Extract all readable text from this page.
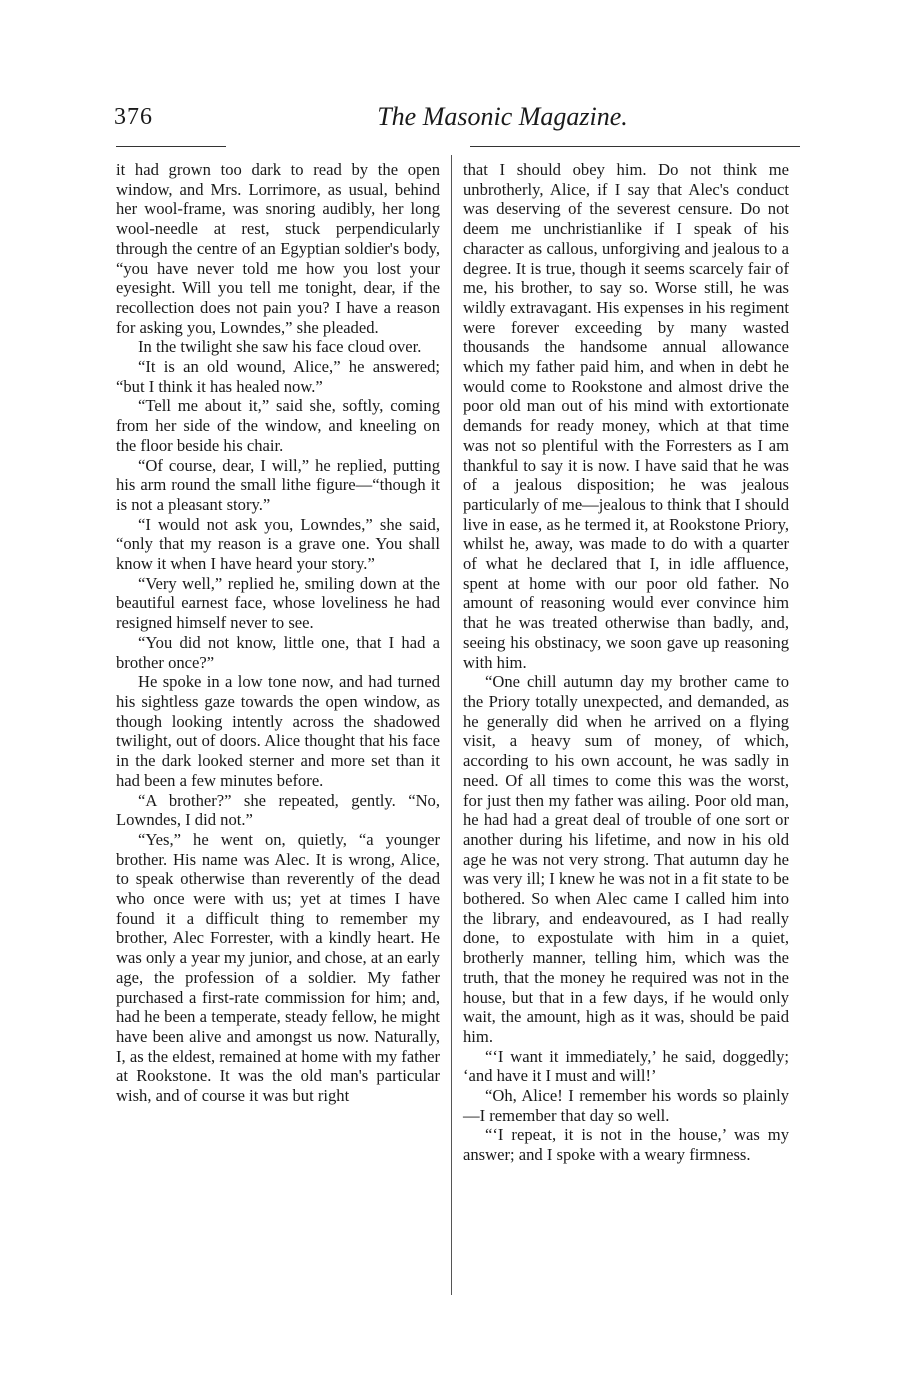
376	The Masonic Magazine.

it had grown too dark to read by the open window, and Mrs. Lorrimore, as usual, behind her wool-frame, was snoring audibly, her long wool-needle at rest, stuck perpendicularly through the centre of an Egyptian soldier's body, “you have never told me how you lost your eyesight. Will you tell me tonight, dear, if the recollection does not pain you? I have a reason for asking you, Lowndes,” she pleaded.

In the twilight she saw his face cloud over.

“It is an old wound, Alice,” he answered; “but I think it has healed now.”

“Tell me about it,” said she, softly, coming from her side of the window, and kneeling on the floor beside his chair.

“Of course, dear, I will,” he replied, putting his arm round the small lithe figure—“though it is not a pleasant story.”

“I would not ask you, Lowndes,” she said, “only that my reason is a grave one. You shall know it when I have heard your story.”

“Very well,” replied he, smiling down at the beautiful earnest face, whose loveliness he had resigned himself never to see.

“You did not know, little one, that I had a brother once?”

He spoke in a low tone now, and had turned his sightless gaze towards the open window, as though looking intently across the shadowed twilight, out of doors. Alice thought that his face in the dark looked sterner and more set than it had been a few minutes before.

“A brother?” she repeated, gently. “No, Lowndes, I did not.”

“Yes,” he went on, quietly, “a younger brother. His name was Alec. It is wrong, Alice, to speak otherwise than reverently of the dead who once were with us; yet at times I have found it a difficult thing to remember my brother, Alec Forrester, with a kindly heart. He was only a year my junior, and chose, at an early age, the profession of a soldier. My father purchased a first-rate commission for him; and, had he been a temperate, steady fellow, he might have been alive and amongst us now. Naturally, I, as the eldest, remained at home with my father at Rookstone. It was the old man's particular wish, and of course it was but right

that I should obey him. Do not think me unbrotherly, Alice, if I say that Alec's conduct was deserving of the severest censure. Do not deem me unchristianlike if I speak of his character as callous, unforgiving and jealous to a degree. It is true, though it seems scarcely fair of me, his brother, to say so. Worse still, he was wildly extravagant. His expenses in his regiment were forever exceeding by many wasted thousands the handsome annual allowance which my father paid him, and when in debt he would come to Rookstone and almost drive the poor old man out of his mind with extortionate demands for ready money, which at that time was not so plentiful with the Forresters as I am thankful to say it is now. I have said that he was of a jealous disposition; he was jealous particularly of me—jealous to think that I should live in ease, as he termed it, at Rookstone Priory, whilst he, away, was made to do with a quarter of what he declared that I, in idle affluence, spent at home with our poor old father. No amount of reasoning would ever convince him that he was treated otherwise than badly, and, seeing his obstinacy, we soon gave up reasoning with him.

“One chill autumn day my brother came to the Priory totally unexpected, and demanded, as he generally did when he arrived on a flying visit, a heavy sum of money, of which, according to his own account, he was sadly in need. Of all times to come this was the worst, for just then my father was ailing. Poor old man, he had had a great deal of trouble of one sort or another during his lifetime, and now in his old age he was not very strong. That autumn day he was very ill; I knew he was not in a fit state to be bothered. So when Alec came I called him into the library, and endeavoured, as I had really done, to expostulate with him in a quiet, brotherly manner, telling him, which was the truth, that the money he required was not in the house, but that in a few days, if he would only wait, the amount, high as it was, should be paid him.

“‘I want it immediately,’ he said, doggedly; ‘and have it I must and will!’

“Oh, Alice! I remember his words so plainly—I remember that day so well.

“‘I repeat, it is not in the house,’ was my answer; and I spoke with a weary firmness.
